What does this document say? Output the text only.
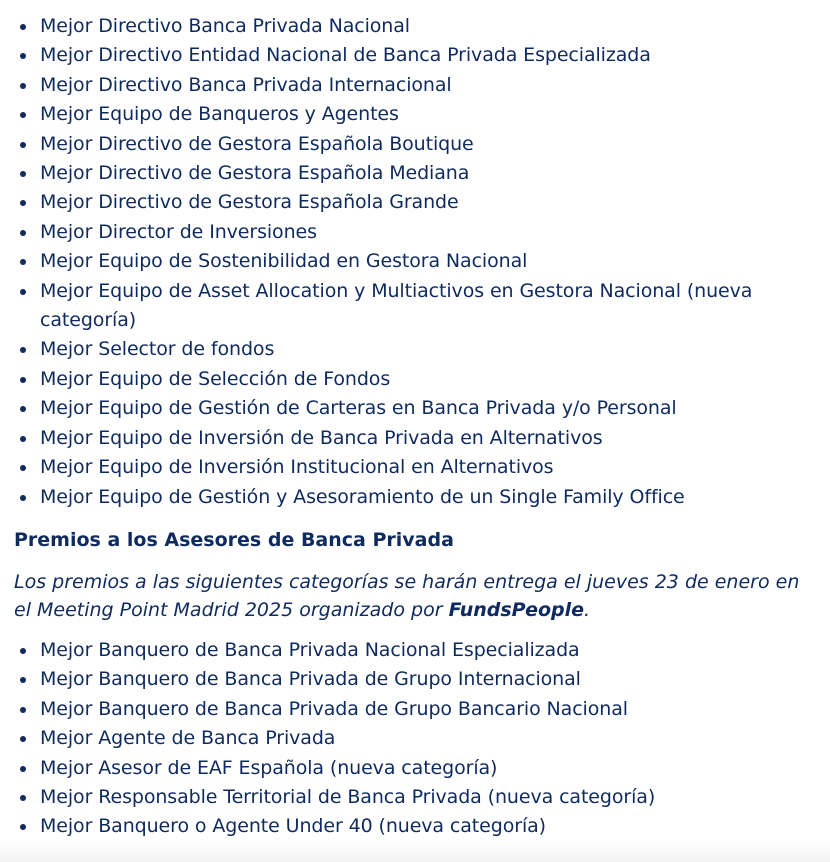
Mejor Directivo Banca Privada Nacional
Mejor Directivo Entidad Nacional de Banca Privada Especializada
Mejor Directivo Banca Privada Internacional
Mejor Equipo de Banqueros y Agentes
Mejor Directivo de Gestora Española Boutique
Mejor Directivo de Gestora Española Mediana
Mejor Directivo de Gestora Española Grande
Mejor Director de Inversiones
Mejor Equipo de Sostenibilidad en Gestora Nacional
Mejor Equipo de Asset Allocation y Multiactivos en Gestora Nacional (nueva categoría)
Mejor Selector de fondos
Mejor Equipo de Selección de Fondos
Mejor Equipo de Gestión de Carteras en Banca Privada y/o Personal
Mejor Equipo de Inversión de Banca Privada en Alternativos
Mejor Equipo de Inversión Institucional en Alternativos
Mejor Equipo de Gestión y Asesoramiento de un Single Family Office
Premios a los Asesores de Banca Privada

Los premios a las siguientes categorías se harán entrega el jueves 23 de enero en el Meeting Point Madrid 2025 organizado por FundsPeople.

Mejor Banquero de Banca Privada Nacional Especializada
Mejor Banquero de Banca Privada de Grupo Internacional
Mejor Banquero de Banca Privada de Grupo Bancario Nacional
Mejor Agente de Banca Privada
Mejor Asesor de EAF Española (nueva categoría)
Mejor Responsable Territorial de Banca Privada (nueva categoría)
Mejor Banquero o Agente Under 40 (nueva categoría)
